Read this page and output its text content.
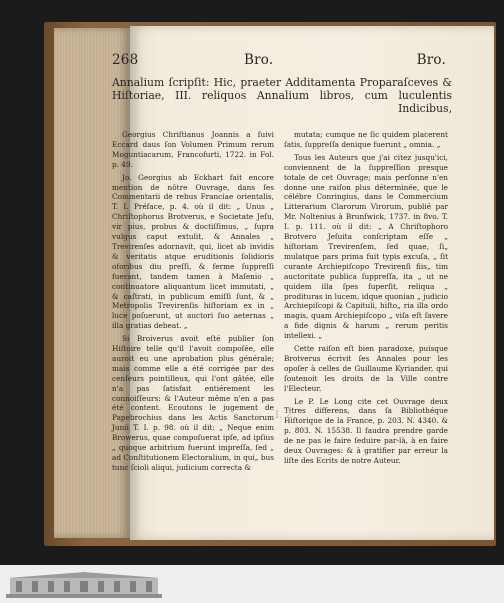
268	Bro.	Bro.
Annalium ſcripſit: Hic, praeter Additamenta Proparaſceves & Hiſtoriae, III. reliquos Annalium libros, cum luculentis Indicibus,

Georgius Chriſtianus Joannis a ſuivi Eccard daus ſon Volumen Primum rerum Moguntiacarum, Francofurti, 1722. in Fol. p. 49.

Jo. Georgius ab Eckhart fait encore mention de nôtre Ouvrage, dans ſes Commentarii de rebus Franciae orientalis, T. I. Préface, p. 4. où il dit: „ Unus „ Chriſtophorus Brotverus, e Societate Jeſu, vir pius, probus & doctiſſimus, „ ſupra vulgus caput extulit, & Annales „ Trevirenſes adornavit, qui, licet ab invidis & veritatis atque eruditionis ſolidioris oforibus diu preſſi, & ferme ſuppreſſi fuerant, tandem tamen à Maſenio „ continuatore aliquantum licet immutati, „ & caſtrati, in publicum emiſſi ſunt, & „ Metropolis Trevirenſis hiſtoriam ex in „ luce poſuerunt, ut auctori ſuo aeternas „ illa gratias debeat. „

Si Broiverus avoit eſté publier ſon Hiſtoire telle qu'il l'avoit compoſée, elle auroit eu une aprobation plus générale; mais comme elle a été corrigée par des cenſeurs pointilleux, qui l'ont gâtée, elle n'a pas ſatisfait entiérement les connoiſſeurs: & l'Auteur même n'en a pas été content. Ecoutons le jugement de Papebrochius dans les Actis Sanctorum Junii T. I. p. 98. où il dit: „ Neque enim Browerus, quae compoſuerat ipſe, ad ipſius „ quoque arbitrium fuerunt impreſſa, ſed „ ad Conſtitutionem Electoralium, in qui„ bus tunc ſcioli aliqui, judicium correcta &

mutata; cumque ne ſic quidem placerent ſatis, ſuppreſſa denique fuerunt „ omnia. „

Tous les Auteurs que j'ai citez jusqu'ici, conviennent de la ſuppreſſion presque totale de cet Ouvrage; mais perſonne n'en donne une raiſon plus déterminée, que le célébre Conringius, dans le Commercium Litterarium Clarorum Virorum, publié par Mr. Noltenius à Brunſwick, 1737. in 8vo. T. I. p. 111. où il dit: „ A Chriſtophoro Brotvero Jeſuita conſcriptam eſſe „ hiſtoriam Trevirenſem, ſed quae, ſi„ mulatque pars prima fuit typis excuſa, „ ſit curante Archiepiſcopo Trevirenſi fiis„ tim auctoritate publica ſuppreſſa, ita „ ut ne quidem illa ſpes ſuperſit, reliqua „ prodituras in lucem, idque quonian „ judicio Archiepiſcopi & Capituli, hiſto„ ria illa ordo magis, quam Archiepiſcopo „ viſa eſt ſavere a fide dignis & harum „ rerum peritis intellexi. „

Cette raiſon eſt bien paradoxe, puisque Brotverus écrivit ſes Annales pour les opoſer à celles de Guillaume Kyriander, qui ſoutenoit les droits de la Ville contre l'Electeur.

Le P. Le Long cite cet Ouvrage deux Titres differens, dans ſa Bibliothéque Hiſtorique de la France, p. 203. N. 4340. & p. 803. N. 15538. Il faudra prendre garde de ne pas le faire ſeduire par-là, à en faire deux Ouvrages: & à gratifier par erreur la liſte des Ecrits de notre Auteur.

I. 2
